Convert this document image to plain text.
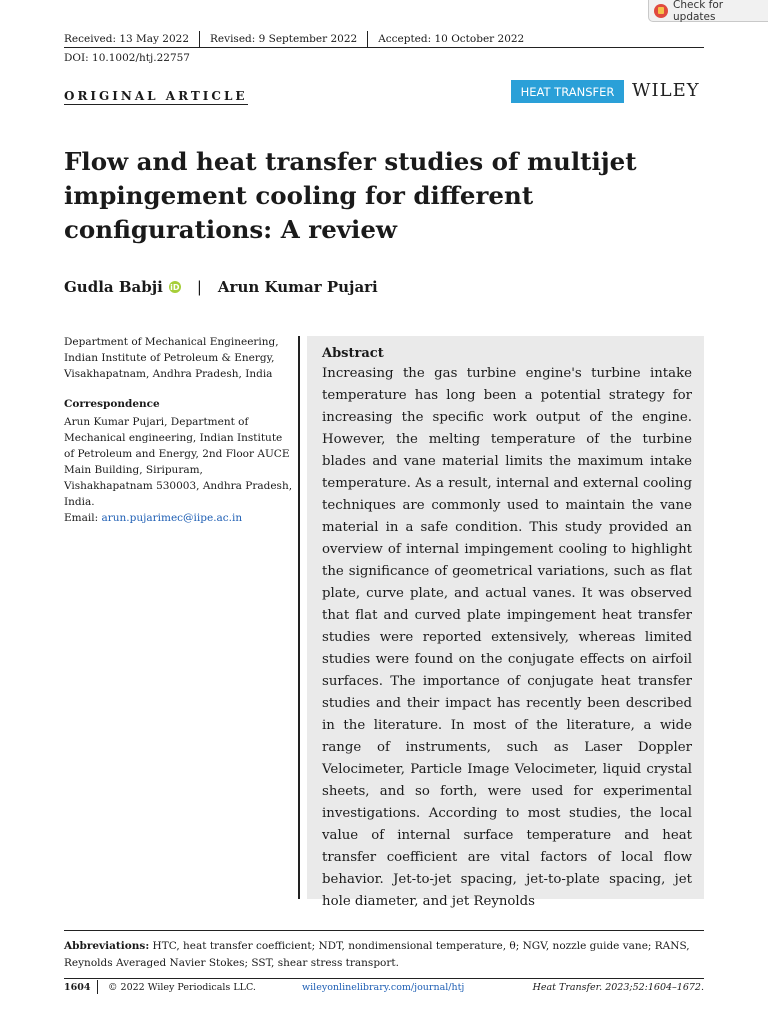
Check for updates
Received: 13 May 2022 Revised: 9 September 2022 Accepted: 10 October 2022
DOI: 10.1002/htj.22757
ORIGINAL ARTICLE	HEAT TRANSFER WILEY
Flow and heat transfer studies of multijet impingement cooling for different configurations: A review
Gudla Babji iD | Arun Kumar Pujari
Department of Mechanical Engineering, Indian Institute of Petroleum & Energy, Visakhapatnam, Andhra Pradesh, India
Correspondence
Arun Kumar Pujari, Department of Mechanical engineering, Indian Institute of Petroleum and Energy, 2nd Floor AUCE Main Building, Siripuram, Vishakhapatnam 530003, Andhra Pradesh, India.
Email: arun.pujarimec@iipe.ac.in

Abstract

Increasing the gas turbine engine's turbine intake temperature has long been a potential strategy for increasing the specific work output of the engine. However, the melting temperature of the turbine blades and vane material limits the maximum intake temperature. As a result, internal and external cooling techniques are commonly used to maintain the vane material in a safe condition. This study provided an overview of internal impingement cooling to highlight the significance of geometrical variations, such as flat plate, curve plate, and actual vanes. It was observed that flat and curved plate impingement heat transfer studies were reported extensively, whereas limited studies were found on the conjugate effects on airfoil surfaces. The importance of conjugate heat transfer studies and their impact has recently been described in the literature. In most of the literature, a wide range of instruments, such as Laser Doppler Velocimeter, Particle Image Velocimeter, liquid crystal sheets, and so forth, were used for experimental investigations. According to most studies, the local value of internal surface temperature and heat transfer coefficient are vital factors of local flow behavior. Jet-to-jet spacing, jet-to-plate spacing, jet hole diameter, and jet Reynolds

Abbreviations: HTC, heat transfer coefficient; NDT, nondimensional temperature, θ; NGV, nozzle guide vane; RANS, Reynolds Averaged Navier Stokes; SST, shear stress transport.
1604 © 2022 Wiley Periodicals LLC.	wileyonlinelibrary.com/journal/htj	Heat Transfer. 2023;52:1604–1672.
